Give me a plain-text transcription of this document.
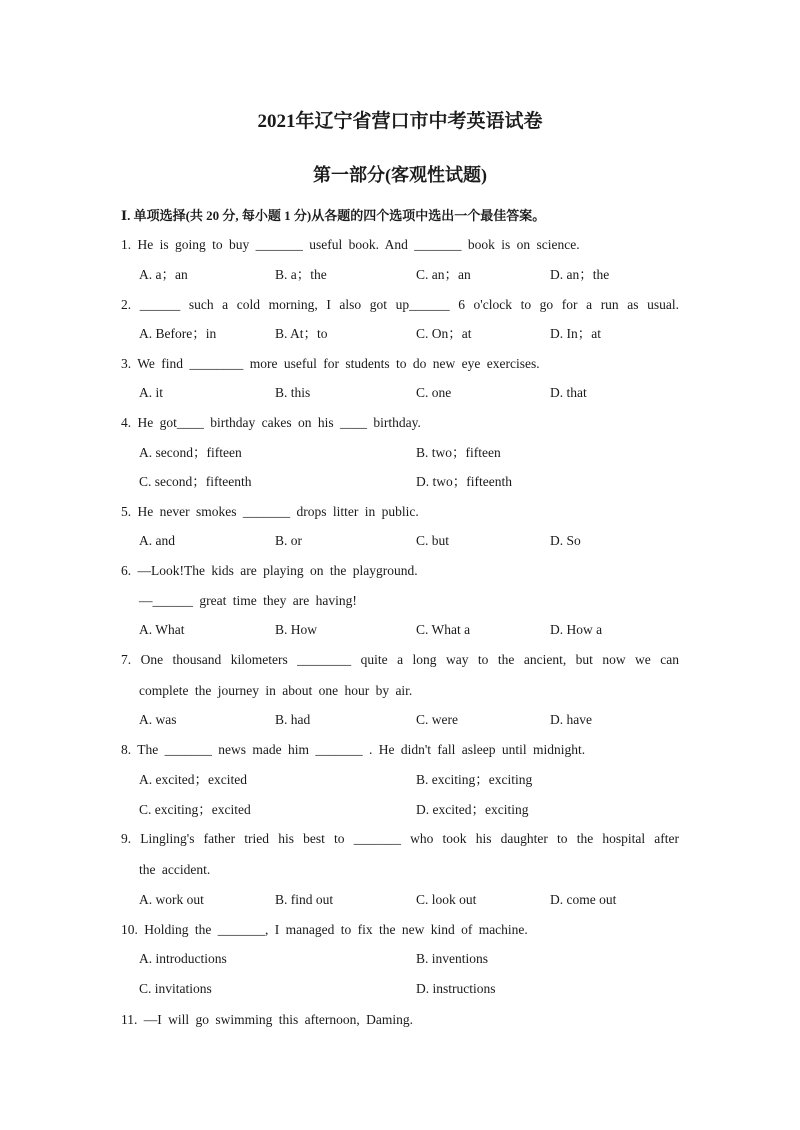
2021年辽宁省营口市中考英语试卷
第一部分(客观性试题)
Ⅰ. 单项选择(共 20 分, 每小题 1 分)从各题的四个选项中选出一个最佳答案。
1. He is going to buy _______ useful book. And _______ book is on science.
A. a；an	B. a；the	C. an；an	D. an；the
2. ______ such a cold morning, I also got up______ 6 o'clock to go for a run as usual.
A. Before；in	B. At；to	C. On；at	D. In；at
3. We find ________ more useful for students to do new eye exercises.
A. it	B. this	C. one	D. that
4. He got____ birthday cakes on his ____ birthday.
A. second；fifteen	B. two；fifteen
C. second；fifteenth	D. two；fifteenth
5. He never smokes _______ drops litter in public.
A. and	B. or	C. but	D. So
6. —Look!The kids are playing on the playground.
—______ great time they are having!
A. What	B. How	C. What a	D. How a
7. One thousand kilometers ________ quite a long way to the ancient, but now we can
complete the journey in about one hour by air.
A. was	B. had	C. were	D. have
8. The _______ news made him _______ . He didn't fall asleep until midnight.
A. excited；excited	B. exciting；exciting
C. exciting；excited	D. excited；exciting
9. Lingling's father tried his best to _______ who took his daughter to the hospital after
the accident.
A. work out	B. find out	C. look out	D. come out
10. Holding the _______, I managed to fix the new kind of machine.
A. introductions	B. inventions
C. invitations	D. instructions
11. —I will go swimming this afternoon, Daming.
